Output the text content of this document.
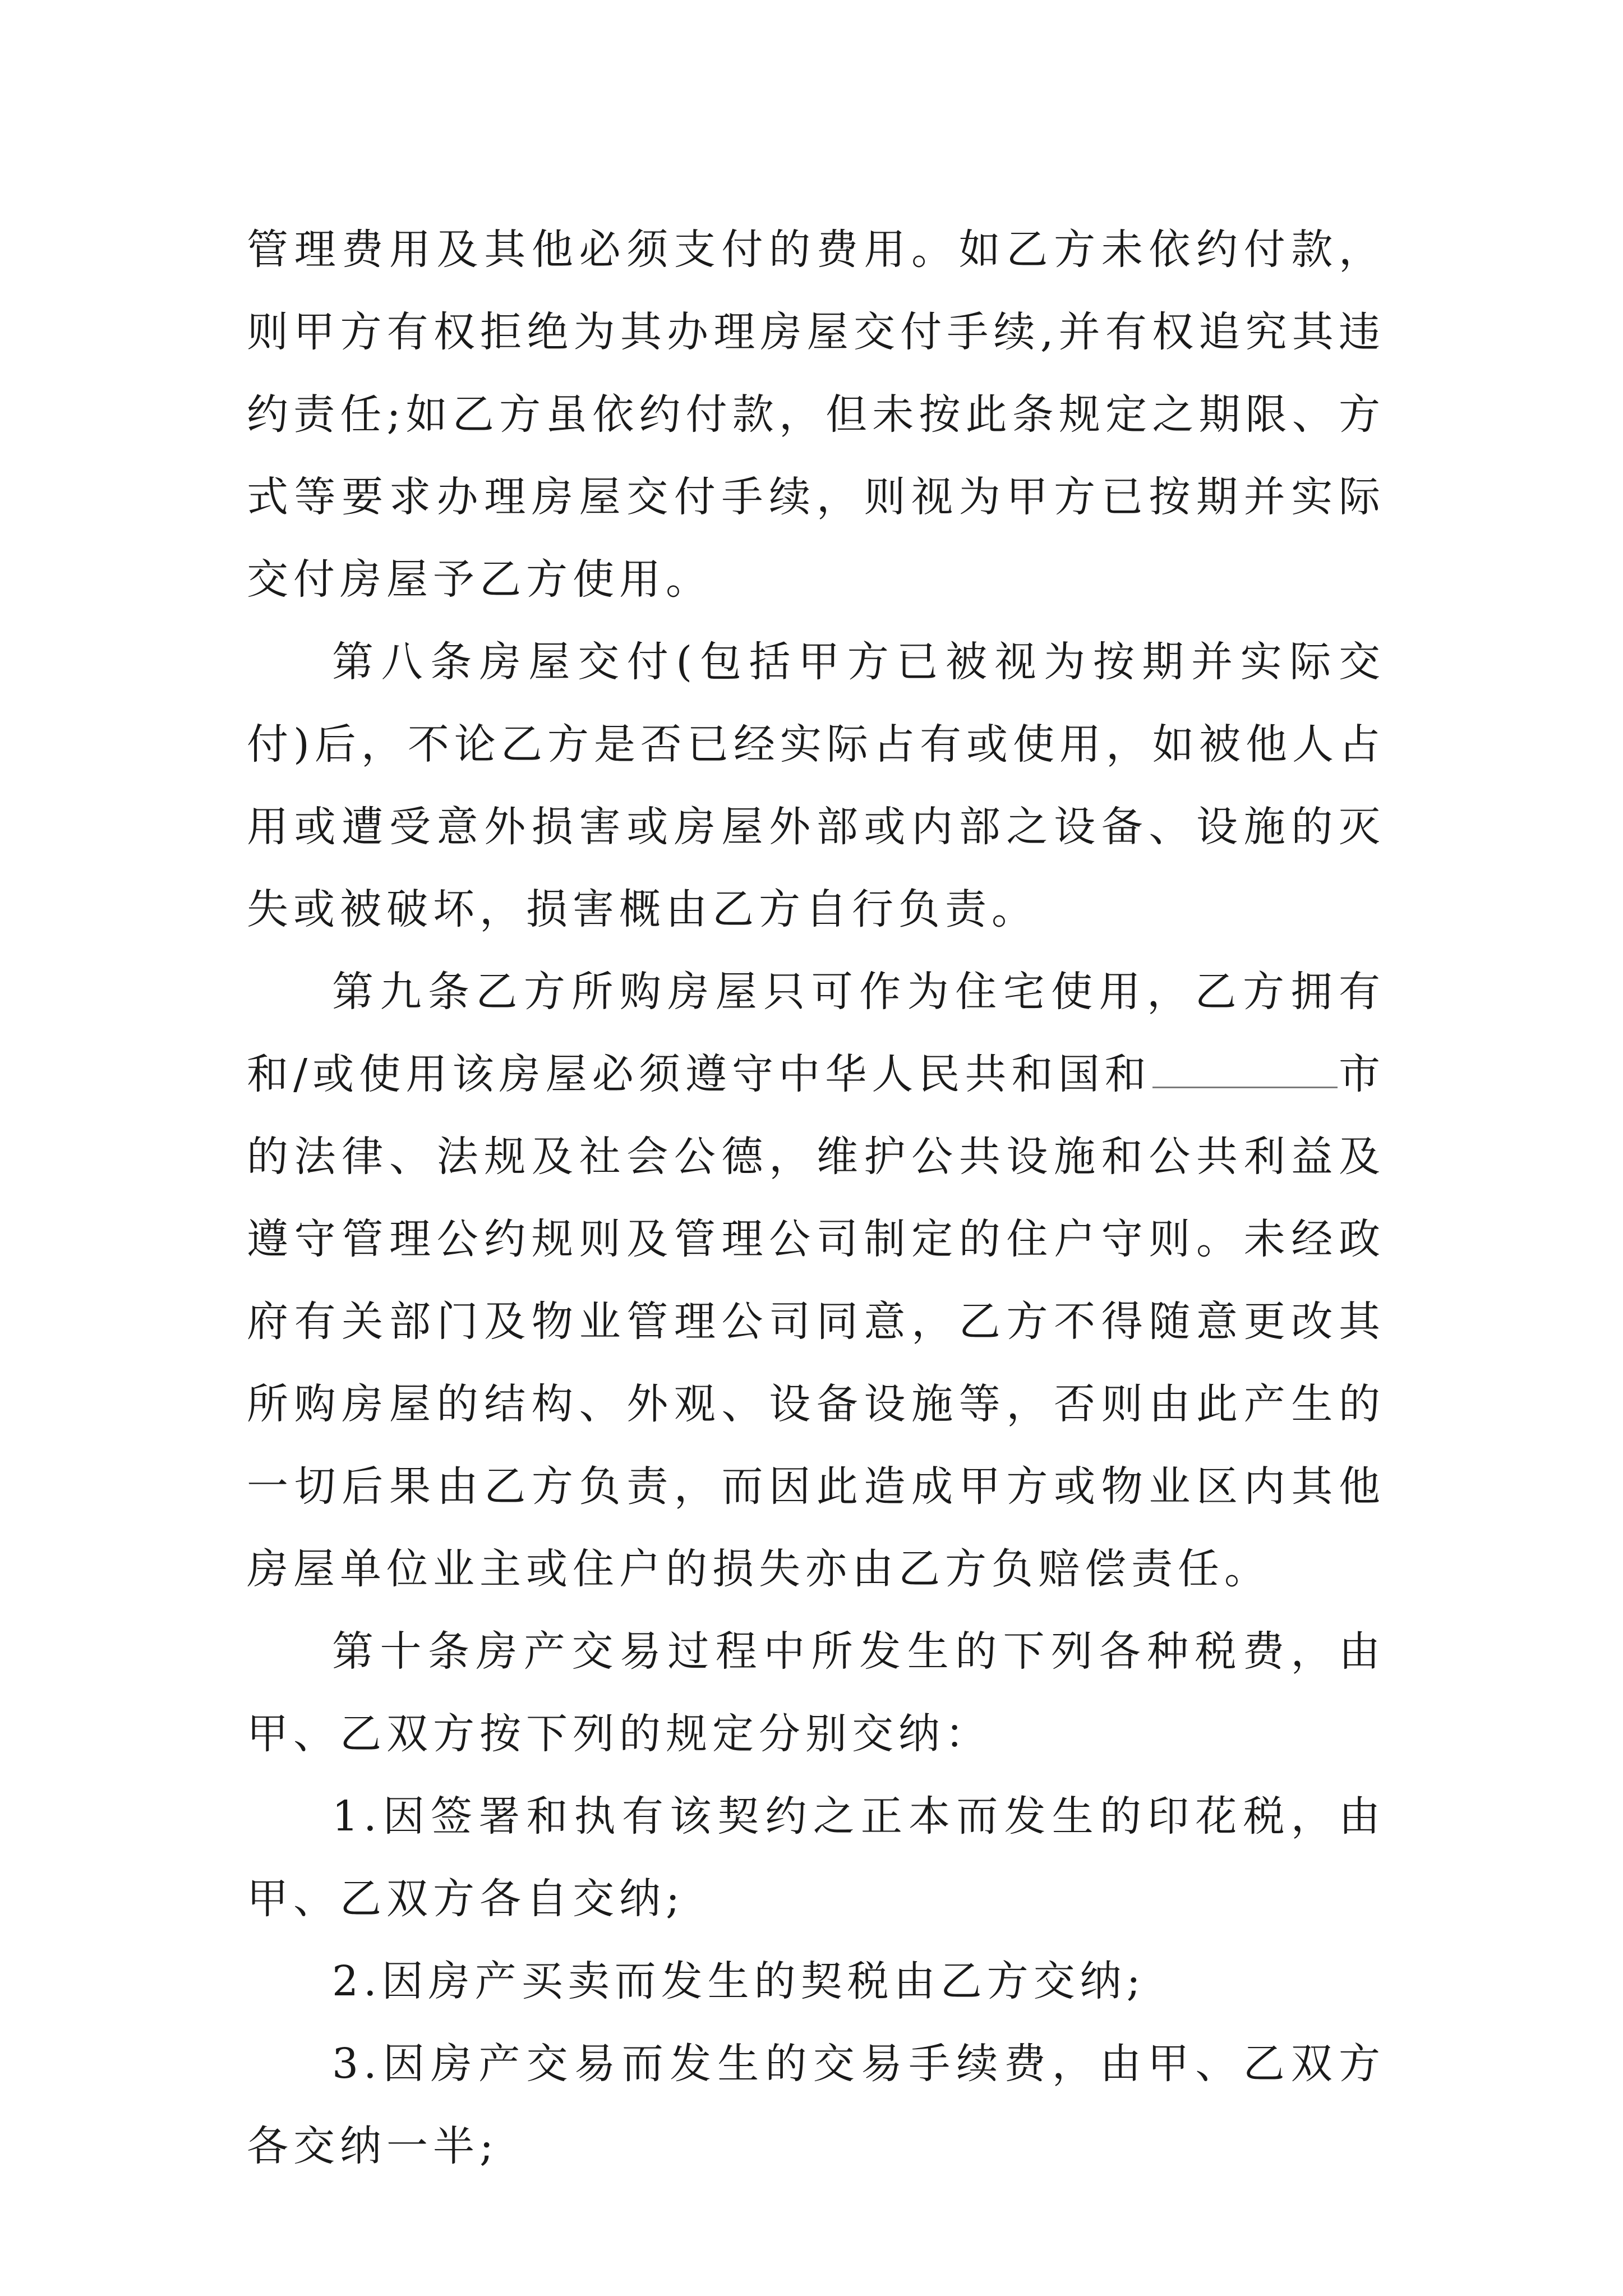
管理费用及其他必须支付的费用。如乙方未依约付款，则甲方有权拒绝为其办理房屋交付手续,并有权追究其违约责任;如乙方虽依约付款，但未按此条规定之期限、方式等要求办理房屋交付手续，则视为甲方已按期并实际交付房屋予乙方使用。

第八条房屋交付(包括甲方已被视为按期并实际交付)后，不论乙方是否已经实际占有或使用，如被他人占用或遭受意外损害或房屋外部或内部之设备、设施的灭失或被破坏，损害概由乙方自行负责。

第九条乙方所购房屋只可作为住宅使用，乙方拥有和/或使用该房屋必须遵守中华人民共和国和	市的法律、法规及社会公德，维护公共设施和公共利益及遵守管理公约规则及管理公司制定的住户守则。未经政府有关部门及物业管理公司同意，乙方不得随意更改其所购房屋的结构、外观、设备设施等，否则由此产生的一切后果由乙方负责，而因此造成甲方或物业区内其他房屋单位业主或住户的损失亦由乙方负赔偿责任。

第十条房产交易过程中所发生的下列各种税费，由甲、乙双方按下列的规定分别交纳：

1.因签署和执有该契约之正本而发生的印花税，由甲、乙双方各自交纳;

2.因房产买卖而发生的契税由乙方交纳;

3.因房产交易而发生的交易手续费，由甲、乙双方各交纳一半;
